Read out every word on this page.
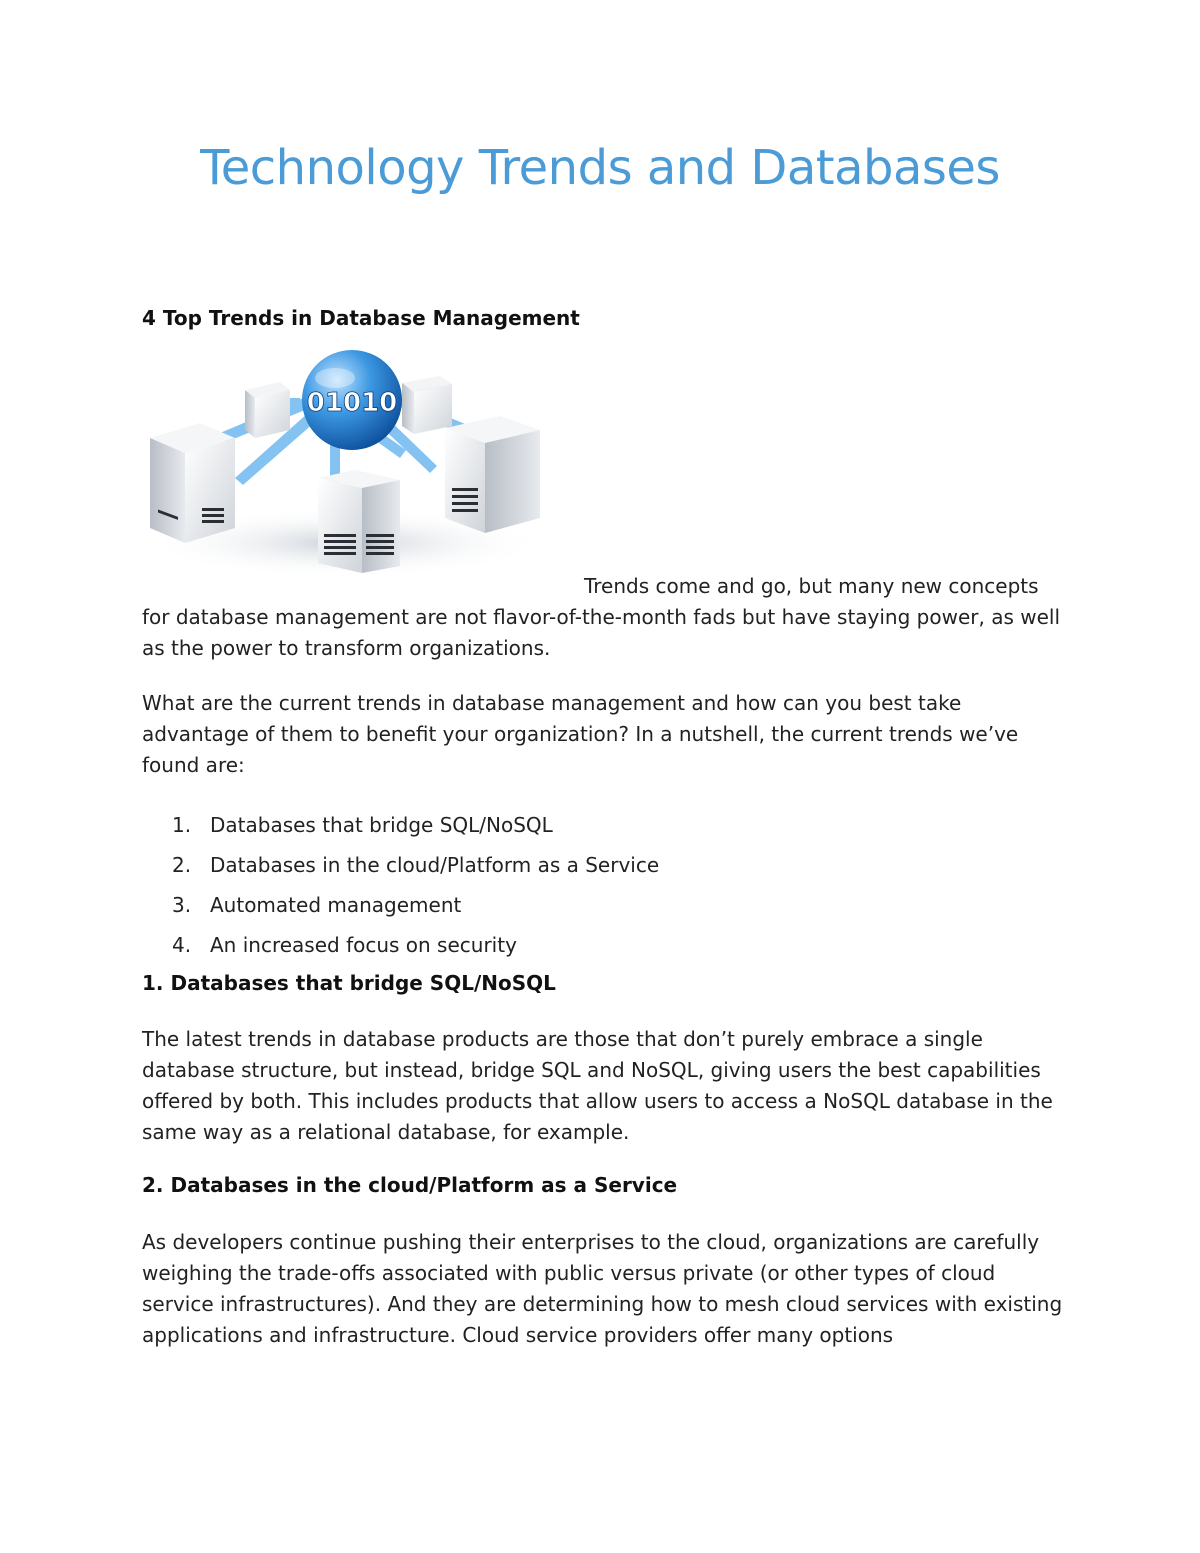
Technology Trends and Databases

4 Top Trends in Database Management

01010

Trends come and go, but many new concepts

for database management are not flavor-of-the-month fads but have staying power, as well as the power to transform organizations.

What are the current trends in database management and how can you best take advantage of them to benefit your organization? In a nutshell, the current trends we’ve found are:

1. Databases that bridge SQL/NoSQL
2. Databases in the cloud/Platform as a Service
3. Automated management
4. An increased focus on security
1. Databases that bridge SQL/NoSQL

The latest trends in database products are those that don’t purely embrace a single database structure, but instead, bridge SQL and NoSQL, giving users the best capabilities offered by both. This includes products that allow users to access a NoSQL database in the same way as a relational database, for example.

2. Databases in the cloud/Platform as a Service

As developers continue pushing their enterprises to the cloud, organizations are carefully weighing the trade-offs associated with public versus private (or other types of cloud service infrastructures). And they are determining how to mesh cloud services with existing applications and infrastructure. Cloud service providers offer many options
